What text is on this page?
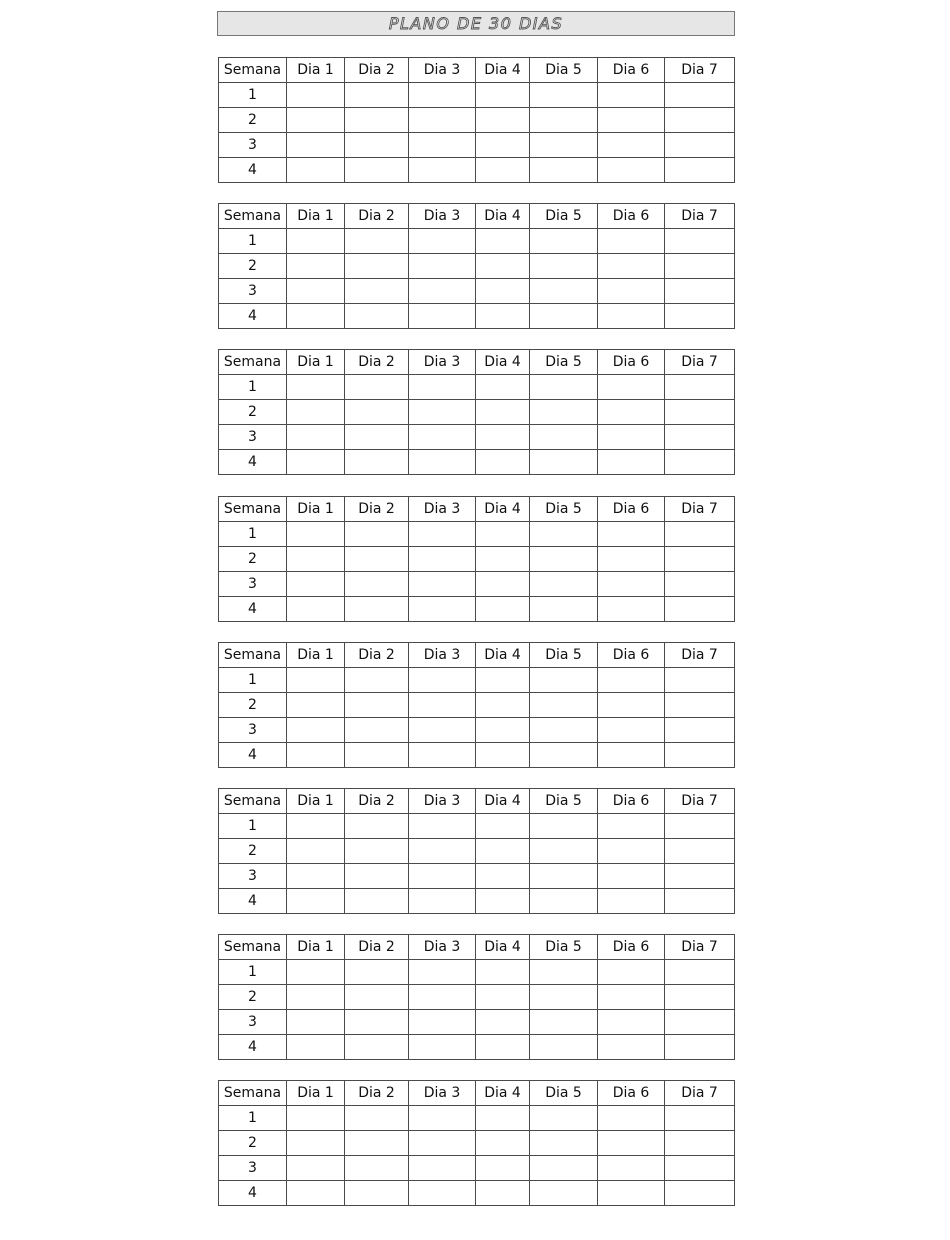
PLANO DE 30 DIAS
Semana	Dia 1	Dia 2	Dia 3	Dia 4	Dia 5	Dia 6	Dia 7
1							
2							
3							
4							
Semana	Dia 1	Dia 2	Dia 3	Dia 4	Dia 5	Dia 6	Dia 7
1							
2							
3							
4							
Semana	Dia 1	Dia 2	Dia 3	Dia 4	Dia 5	Dia 6	Dia 7
1							
2							
3							
4							
Semana	Dia 1	Dia 2	Dia 3	Dia 4	Dia 5	Dia 6	Dia 7
1							
2							
3							
4							
Semana	Dia 1	Dia 2	Dia 3	Dia 4	Dia 5	Dia 6	Dia 7
1							
2							
3							
4							
Semana	Dia 1	Dia 2	Dia 3	Dia 4	Dia 5	Dia 6	Dia 7
1							
2							
3							
4							
Semana	Dia 1	Dia 2	Dia 3	Dia 4	Dia 5	Dia 6	Dia 7
1							
2							
3							
4							
Semana	Dia 1	Dia 2	Dia 3	Dia 4	Dia 5	Dia 6	Dia 7
1							
2							
3							
4							
